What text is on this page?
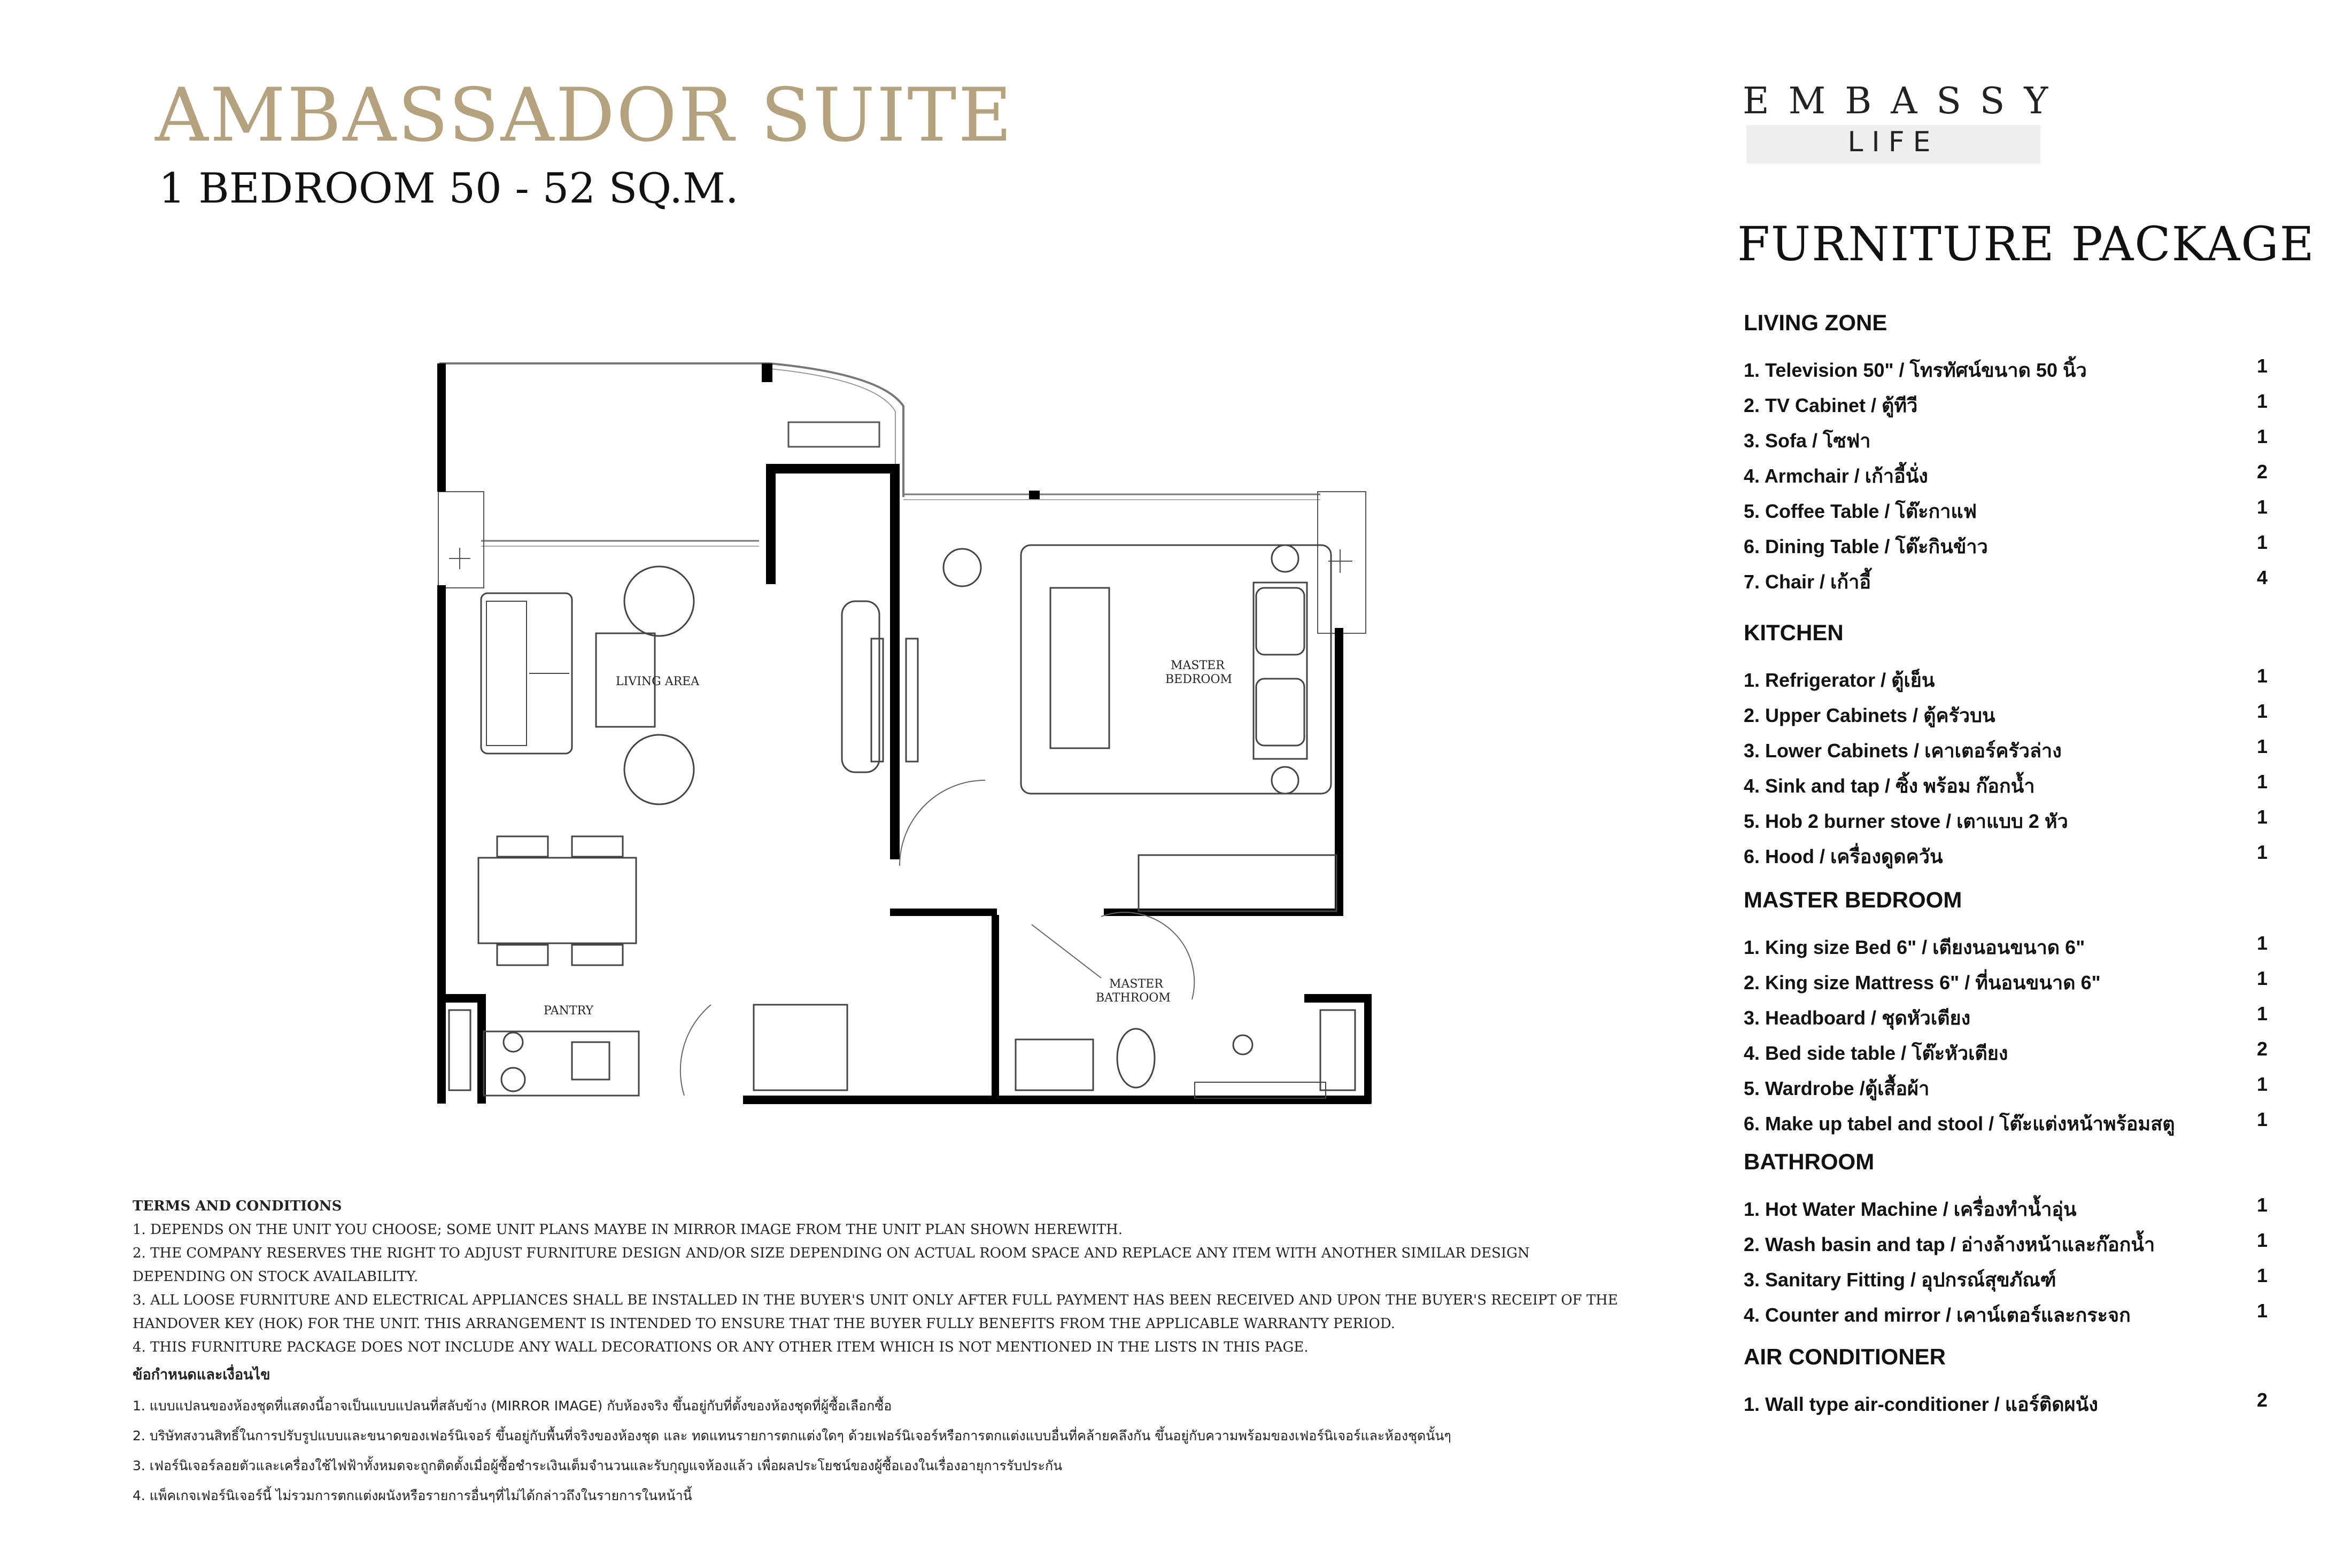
AMBASSADOR SUITE
1 BEDROOM 50 - 52 SQ.M.
EMBASSY
LIFE
FURNITURE PACKAGE
LIVING ZONE
1. Television 50" / โทรทัศน์ขนาด 50 นิ้ว	1
2. TV Cabinet / ตู้ทีวี	1
3. Sofa / โซฟา	1
4. Armchair / เก้าอี้นั่ง	2
5. Coffee Table / โต๊ะกาแฟ	1
6. Dining Table / โต๊ะกินข้าว	1
7. Chair / เก้าอี้	4
KITCHEN
1. Refrigerator / ตู้เย็น	1
2. Upper Cabinets / ตู้ครัวบน	1
3. Lower Cabinets / เคาเตอร์ครัวล่าง	1
4. Sink and tap / ซิ้ง พร้อม ก๊อกน้ำ	1
5. Hob 2 burner stove / เตาแบบ 2 หัว	1
6. Hood / เครื่องดูดควัน	1
MASTER BEDROOM
1. King size Bed 6" / เตียงนอนขนาด 6"	1
2. King size Mattress 6" / ที่นอนขนาด 6"	1
3. Headboard / ชุดหัวเตียง	1
4. Bed side table / โต๊ะหัวเตียง	2
5. Wardrobe /ตู้เสื้อผ้า	1
6. Make up tabel and stool / โต๊ะแต่งหน้าพร้อมสตู	1
BATHROOM
1. Hot Water Machine / เครื่องทำน้ำอุ่น	1
2. Wash basin and tap / อ่างล้างหน้าและก๊อกน้ำ	1
3. Sanitary Fitting / อุปกรณ์สุขภัณฑ์	1
4. Counter and mirror / เคาน์เตอร์และกระจก	1
AIR CONDITIONER
1. Wall type air-conditioner / แอร์ติดผนัง	2
LIVING AREA
MASTER
BEDROOM
MASTER
BATHROOM
PANTRY

TERMS AND CONDITIONS

1. DEPENDS ON THE UNIT YOU CHOOSE; SOME UNIT PLANS MAYBE IN MIRROR IMAGE FROM THE UNIT PLAN SHOWN HEREWITH.

2. THE COMPANY RESERVES THE RIGHT TO ADJUST FURNITURE DESIGN AND/OR SIZE DEPENDING ON ACTUAL ROOM SPACE AND REPLACE ANY ITEM WITH ANOTHER SIMILAR DESIGN

DEPENDING ON STOCK AVAILABILITY.

3. ALL LOOSE FURNITURE AND ELECTRICAL APPLIANCES SHALL BE INSTALLED IN THE BUYER'S UNIT ONLY AFTER FULL PAYMENT HAS BEEN RECEIVED AND UPON THE BUYER'S RECEIPT OF THE

HANDOVER KEY (HOK) FOR THE UNIT. THIS ARRANGEMENT IS INTENDED TO ENSURE THAT THE BUYER FULLY BENEFITS FROM THE APPLICABLE WARRANTY PERIOD.

4. THIS FURNITURE PACKAGE DOES NOT INCLUDE ANY WALL DECORATIONS OR ANY OTHER ITEM WHICH IS NOT MENTIONED IN THE LISTS IN THIS PAGE.

ข้อกำหนดและเงื่อนไข

1. แบบแปลนของห้องชุดที่แสดงนี้อาจเป็นแบบแปลนที่สลับข้าง (MIRROR IMAGE) กับห้องจริง ขึ้นอยู่กับที่ตั้งของห้องชุดที่ผู้ซื้อเลือกซื้อ

2. บริษัทสงวนสิทธิ์ในการปรับรูปแบบและขนาดของเฟอร์นิเจอร์ ขึ้นอยู่กับพื้นที่จริงของห้องชุด และ ทดแทนรายการตกแต่งใดๆ ด้วยเฟอร์นิเจอร์หรือการตกแต่งแบบอื่นที่คล้ายคลึงกัน ขึ้นอยู่กับความพร้อมของเฟอร์นิเจอร์และห้องชุดนั้นๆ

3. เฟอร์นิเจอร์ลอยตัวและเครื่องใช้ไฟฟ้าทั้งหมดจะถูกติดตั้งเมื่อผู้ซื้อชำระเงินเต็มจำนวนและรับกุญแจห้องแล้ว เพื่อผลประโยชน์ของผู้ซื้อเองในเรื่องอายุการรับประกัน

4. แพ็คเกจเฟอร์นิเจอร์นี้ ไม่รวมการตกแต่งผนังหรือรายการอื่นๆที่ไม่ได้กล่าวถึงในรายการในหน้านี้
